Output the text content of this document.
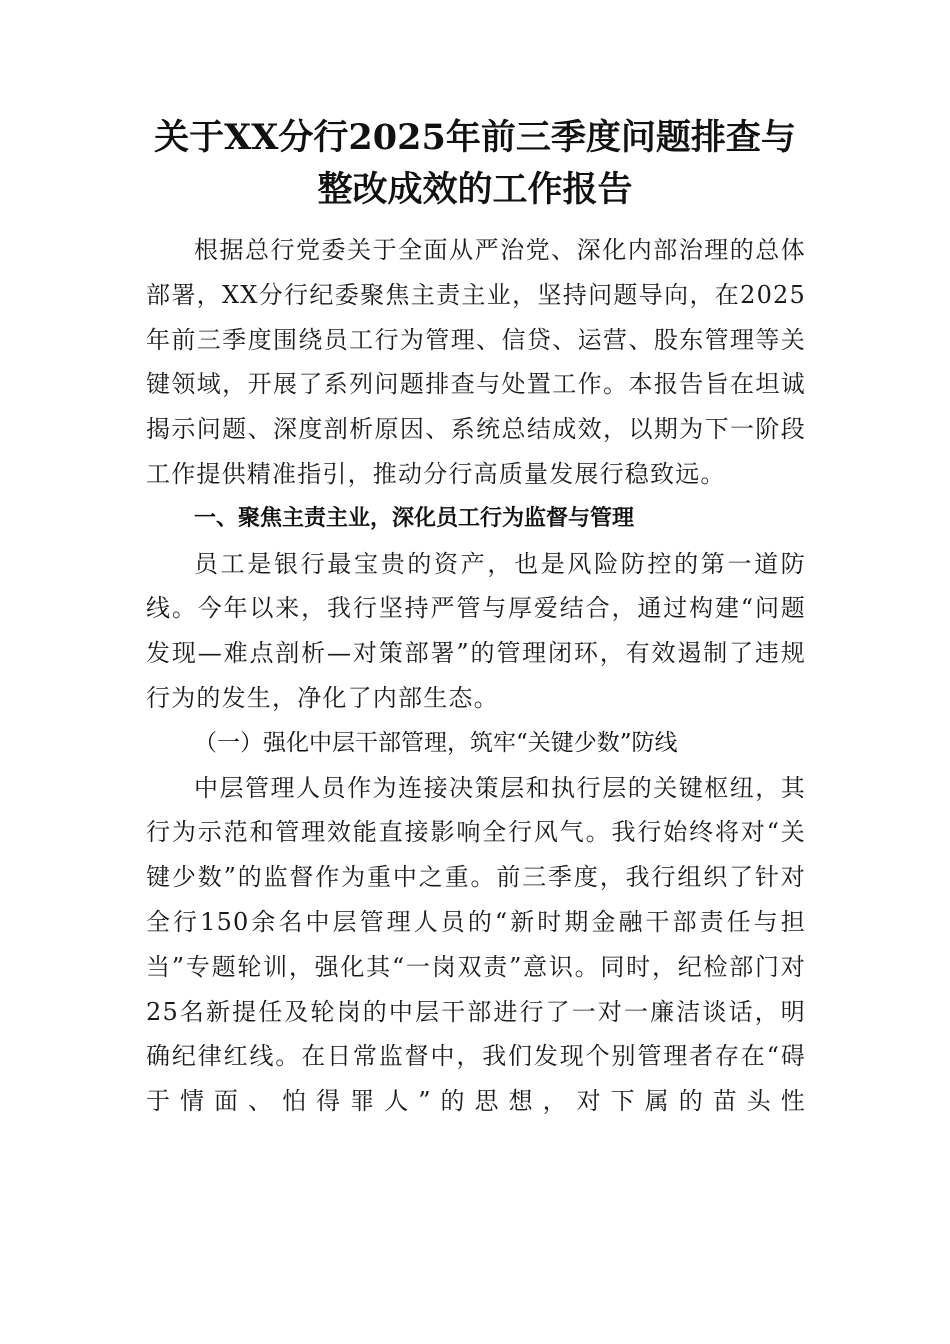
关于XX分行2025年前三季度问题排查与
整改成效的工作报告

根据总行党委关于全面从严治党、深化内部治理的总体部署，XX分行纪委聚焦主责主业，坚持问题导向，在2025年前三季度围绕员工行为管理、信贷、运营、股东管理等关键领域，开展了系列问题排查与处置工作。本报告旨在坦诚揭示问题、深度剖析原因、系统总结成效，以期为下一阶段工作提供精准指引，推动分行高质量发展行稳致远。

一、聚焦主责主业，深化员工行为监督与管理

员工是银行最宝贵的资产，也是风险防控的第一道防线。今年以来，我行坚持严管与厚爱结合，通过构建“问题发现—难点剖析—对策部署”的管理闭环，有效遏制了违规行为的发生，净化了内部生态。

（一）强化中层干部管理，筑牢“关键少数”防线

中层管理人员作为连接决策层和执行层的关键枢纽，其行为示范和管理效能直接影响全行风气。我行始终将对“关键少数”的监督作为重中之重。前三季度，我行组织了针对全行150余名中层管理人员的“新时期金融干部责任与担当”专题轮训，强化其“一岗双责”意识。同时，纪检部门对25名新提任及轮岗的中层干部进行了一对一廉洁谈话，明确纪律红线。在日常监督中，我们发现个别管理者存在“碍于情面、怕得罪人”的思想，对下属的苗头性
